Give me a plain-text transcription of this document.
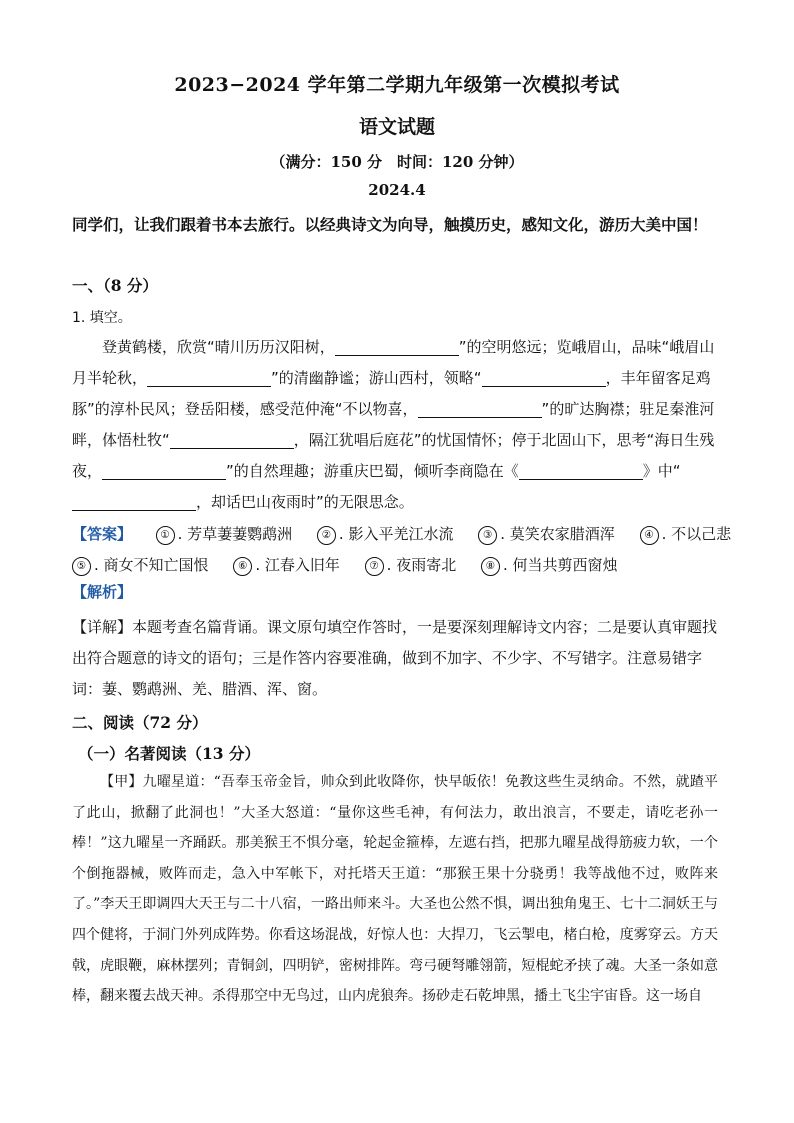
2023−2024 学年第二学期九年级第一次模拟考试
语文试题
（满分：150 分　时间：120 分钟）
2024.4
同学们，让我们跟着书本去旅行。以经典诗文为向导，触摸历史，感知文化，游历大美中国！
一、（8 分）
1. 填空。
登黄鹤楼，欣赏“晴川历历汉阳树，	”的空明悠远；览峨眉山，品味“峨眉山月半轮秋，	”的清幽静谧；游山西村，领略“	，丰年留客足鸡豚”的淳朴民风；登岳阳楼，感受范仲淹“不以物喜，	”的旷达胸襟；驻足秦淮河畔，体悟杜牧“	，隔江犹唱后庭花”的忧国情怀；停于北固山下，思考“海日生残夜，	”的自然理趣；游重庆巴蜀，倾听李商隐在《	》中“，却话巴山夜雨时”的无限思念。
【答案】	① . 芳草萋萋鹦鹉洲	② . 影入平羌江水流	③ . 莫笑农家腊酒浑	④ . 不以己悲
⑤ . 商女不知亡国恨	⑥ . 江春入旧年	⑦ . 夜雨寄北	⑧ . 何当共剪西窗烛
【解析】
【详解】本题考查名篇背诵。课文原句填空作答时，一是要深刻理解诗文内容；二是要认真审题找出符合题意的诗文的语句；三是作答内容要准确，做到不加字、不少字、不写错字。注意易错字词：萋、鹦鹉洲、羌、腊酒、浑、窗。
二、阅读（72 分）
（一）名著阅读（13 分）
【甲】九曜星道：“吾奉玉帝金旨，帅众到此收降你，快早皈依！免教这些生灵纳命。不然，就蹅平了此山，掀翻了此洞也！”大圣大怒道：“量你这些毛神，有何法力，敢出浪言，不要走，请吃老孙一棒！”这九曜星一齐踊跃。那美猴王不惧分毫，轮起金箍棒，左遮右挡，把那九曜星战得筋疲力软，一个个倒拖器械，败阵而走，急入中军帐下，对托塔天王道：“那猴王果十分骁勇！我等战他不过，败阵来了。”李天王即调四大天王与二十八宿，一路出师来斗。大圣也公然不惧，调出独角鬼王、七十二洞妖王与四个健将，于洞门外列成阵势。你看这场混战，好惊人也：大捍刀，飞云掣电，楮白枪，度雾穿云。方天戟，虎眼鞭，麻林摆列；青铜剑，四明铲，密树排阵。弯弓硬弩雕翎箭，短棍蛇矛挟了魂。大圣一条如意棒，翻来覆去战天神。杀得那空中无鸟过，山内虎狼奔。扬砂走石乾坤黑，播土飞尘宇宙昏。这一场自
